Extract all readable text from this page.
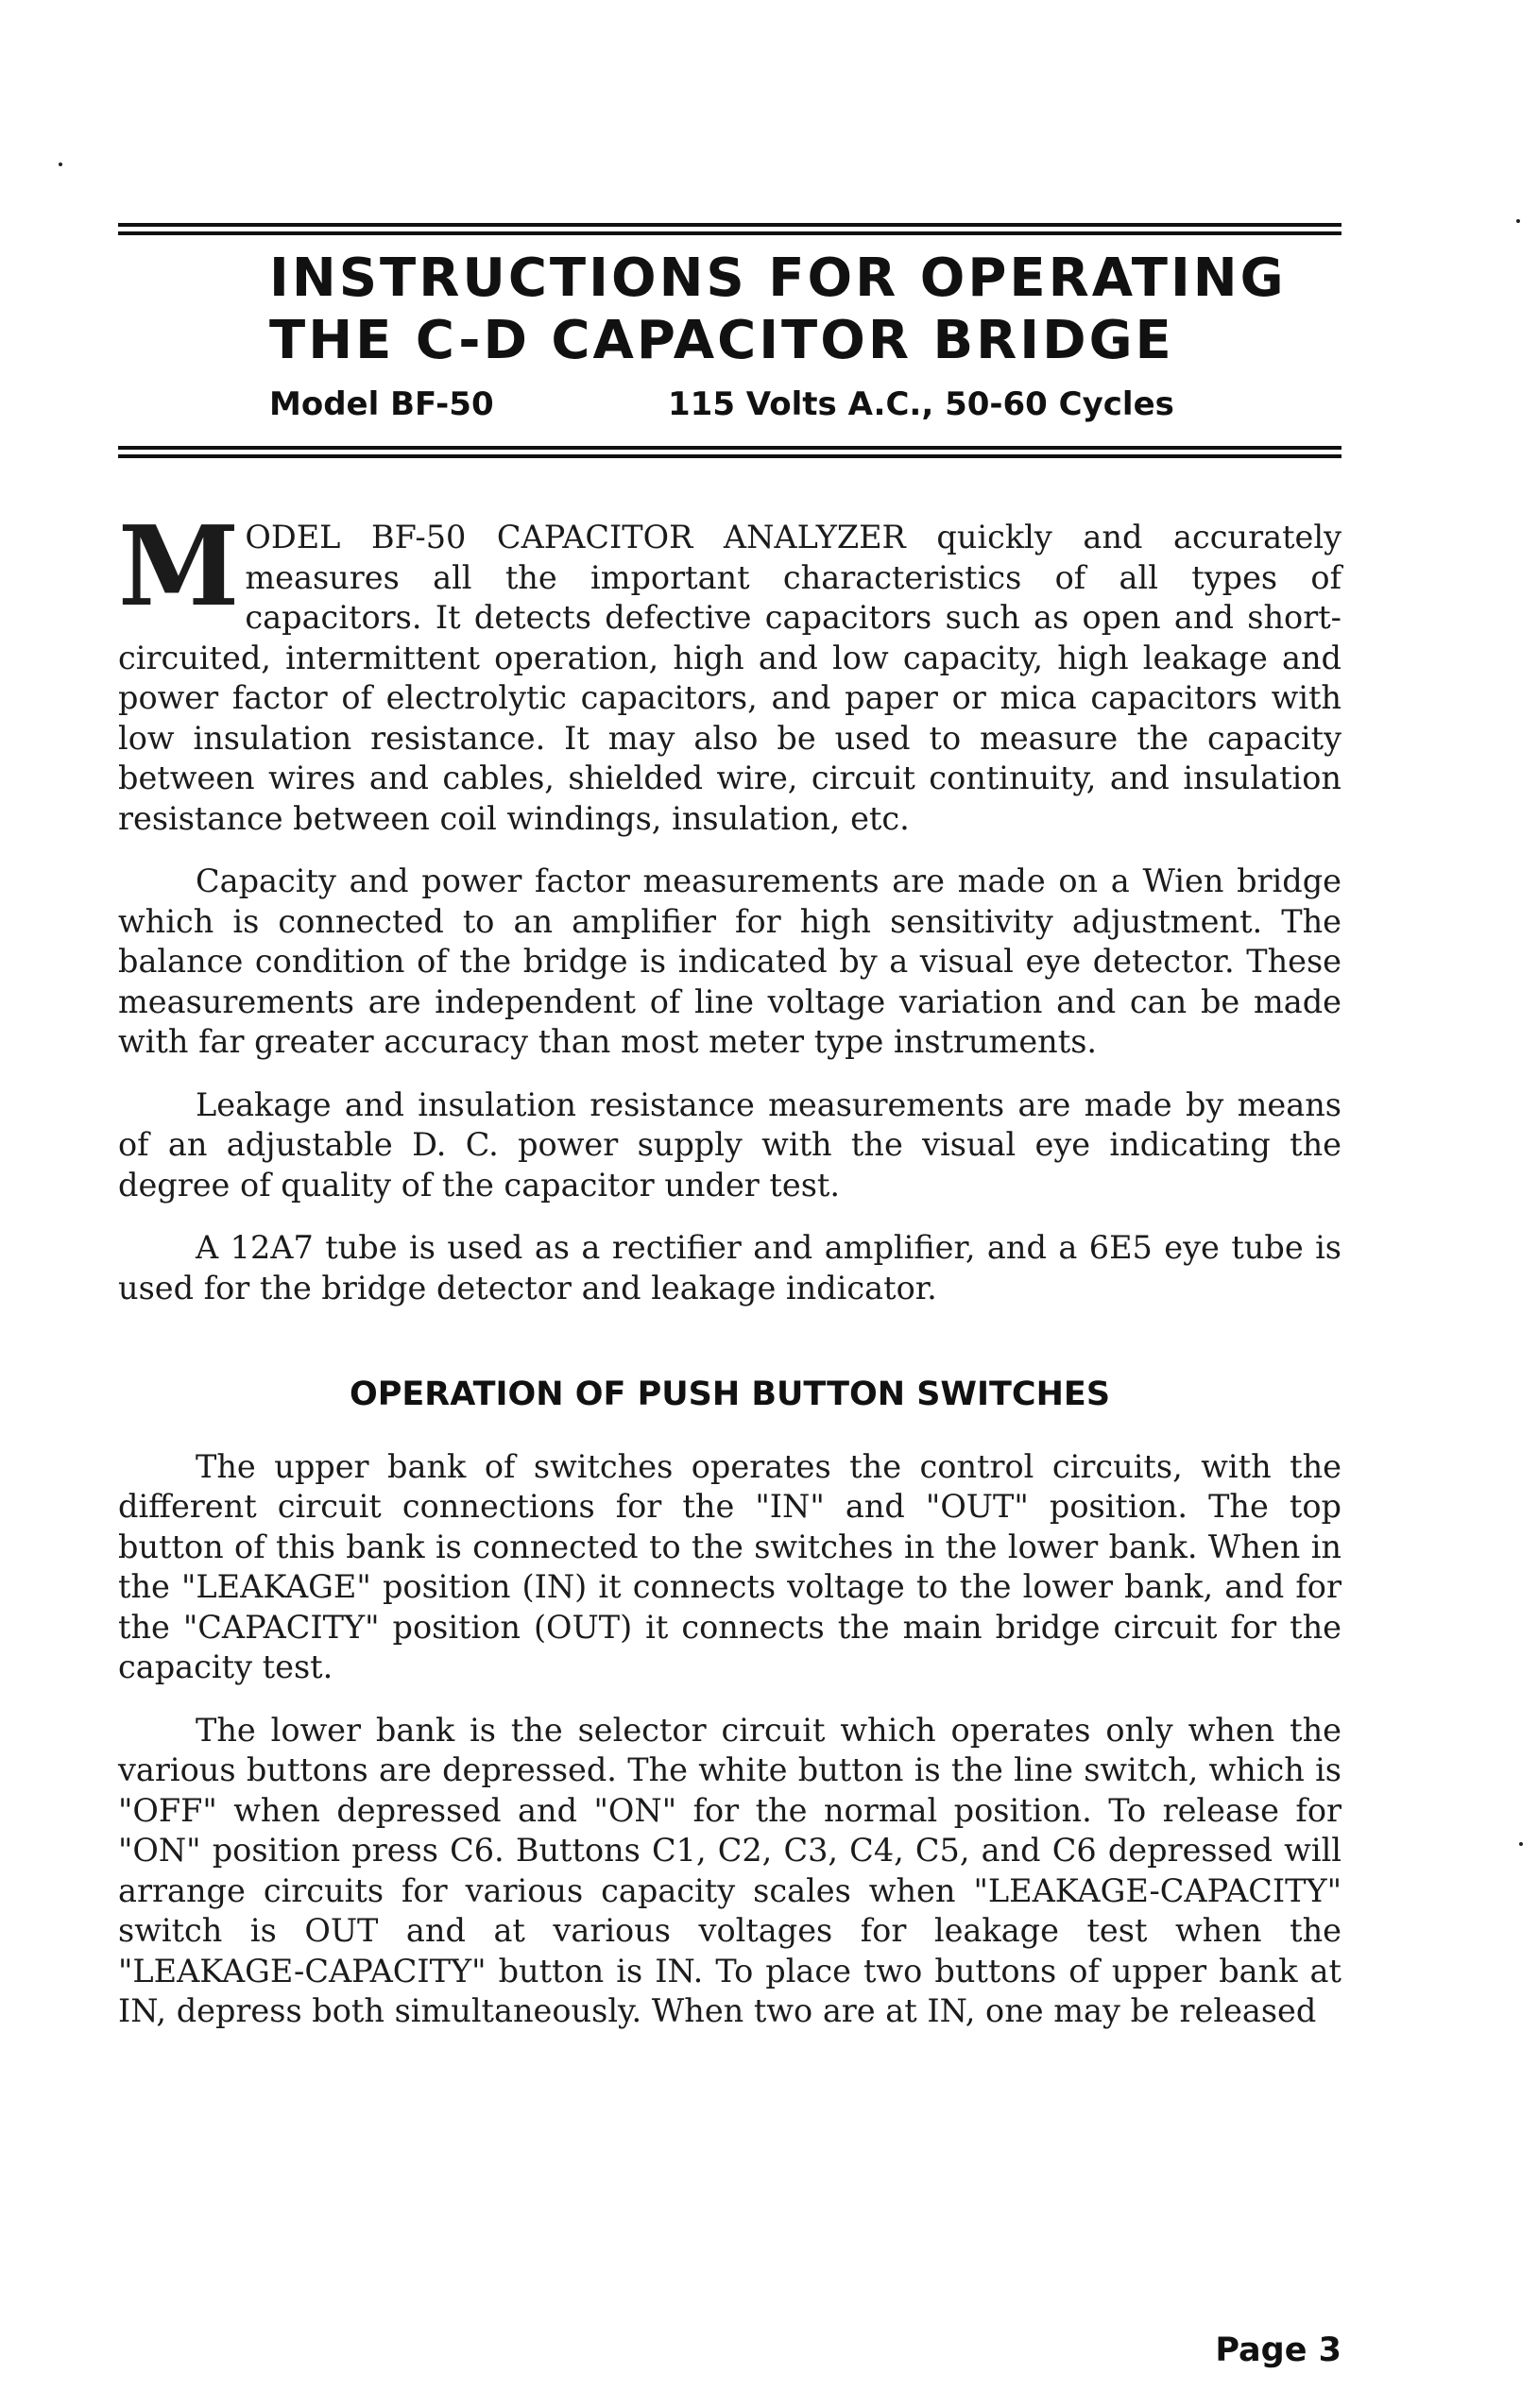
INSTRUCTIONS FOR OPERATING
THE C-D CAPACITOR BRIDGE
Model BF-50	115 Volts A.C., 50-60 Cycles

MODEL BF-50 CAPACITOR ANALYZER quickly and accurately measures all the important characteristics of all types of capacitors. It detects defective capacitors such as open and short-circuited, intermittent operation, high and low capacity, high leakage and power factor of electrolytic capacitors, and paper or mica capacitors with low insulation resistance. It may also be used to measure the capacity between wires and cables, shielded wire, circuit continuity, and insulation resistance between coil windings, insulation, etc.

Capacity and power factor measurements are made on a Wien bridge which is connected to an amplifier for high sensitivity adjustment. The balance condition of the bridge is indicated by a visual eye detector. These measurements are independent of line voltage variation and can be made with far greater accuracy than most meter type instruments.

Leakage and insulation resistance measurements are made by means of an adjustable D. C. power supply with the visual eye indicating the degree of quality of the capacitor under test.

A 12A7 tube is used as a rectifier and amplifier, and a 6E5 eye tube is used for the bridge detector and leakage indicator.

OPERATION OF PUSH BUTTON SWITCHES

The upper bank of switches operates the control circuits, with the different circuit connections for the "IN" and "OUT" position. The top button of this bank is connected to the switches in the lower bank. When in the "LEAKAGE" position (IN) it connects voltage to the lower bank, and for the "CAPACITY" position (OUT) it connects the main bridge circuit for the capacity test.

The lower bank is the selector circuit which operates only when the various buttons are depressed. The white button is the line switch, which is "OFF" when depressed and "ON" for the normal position. To release for "ON" position press C6. Buttons C1, C2, C3, C4, C5, and C6 depressed will arrange circuits for various capacity scales when "LEAKAGE-CAPACITY" switch is OUT and at various voltages for leakage test when the "LEAKAGE-CAPACITY" button is IN. To place two buttons of upper bank at IN, depress both simultaneously. When two are at IN, one may be released

Page 3
